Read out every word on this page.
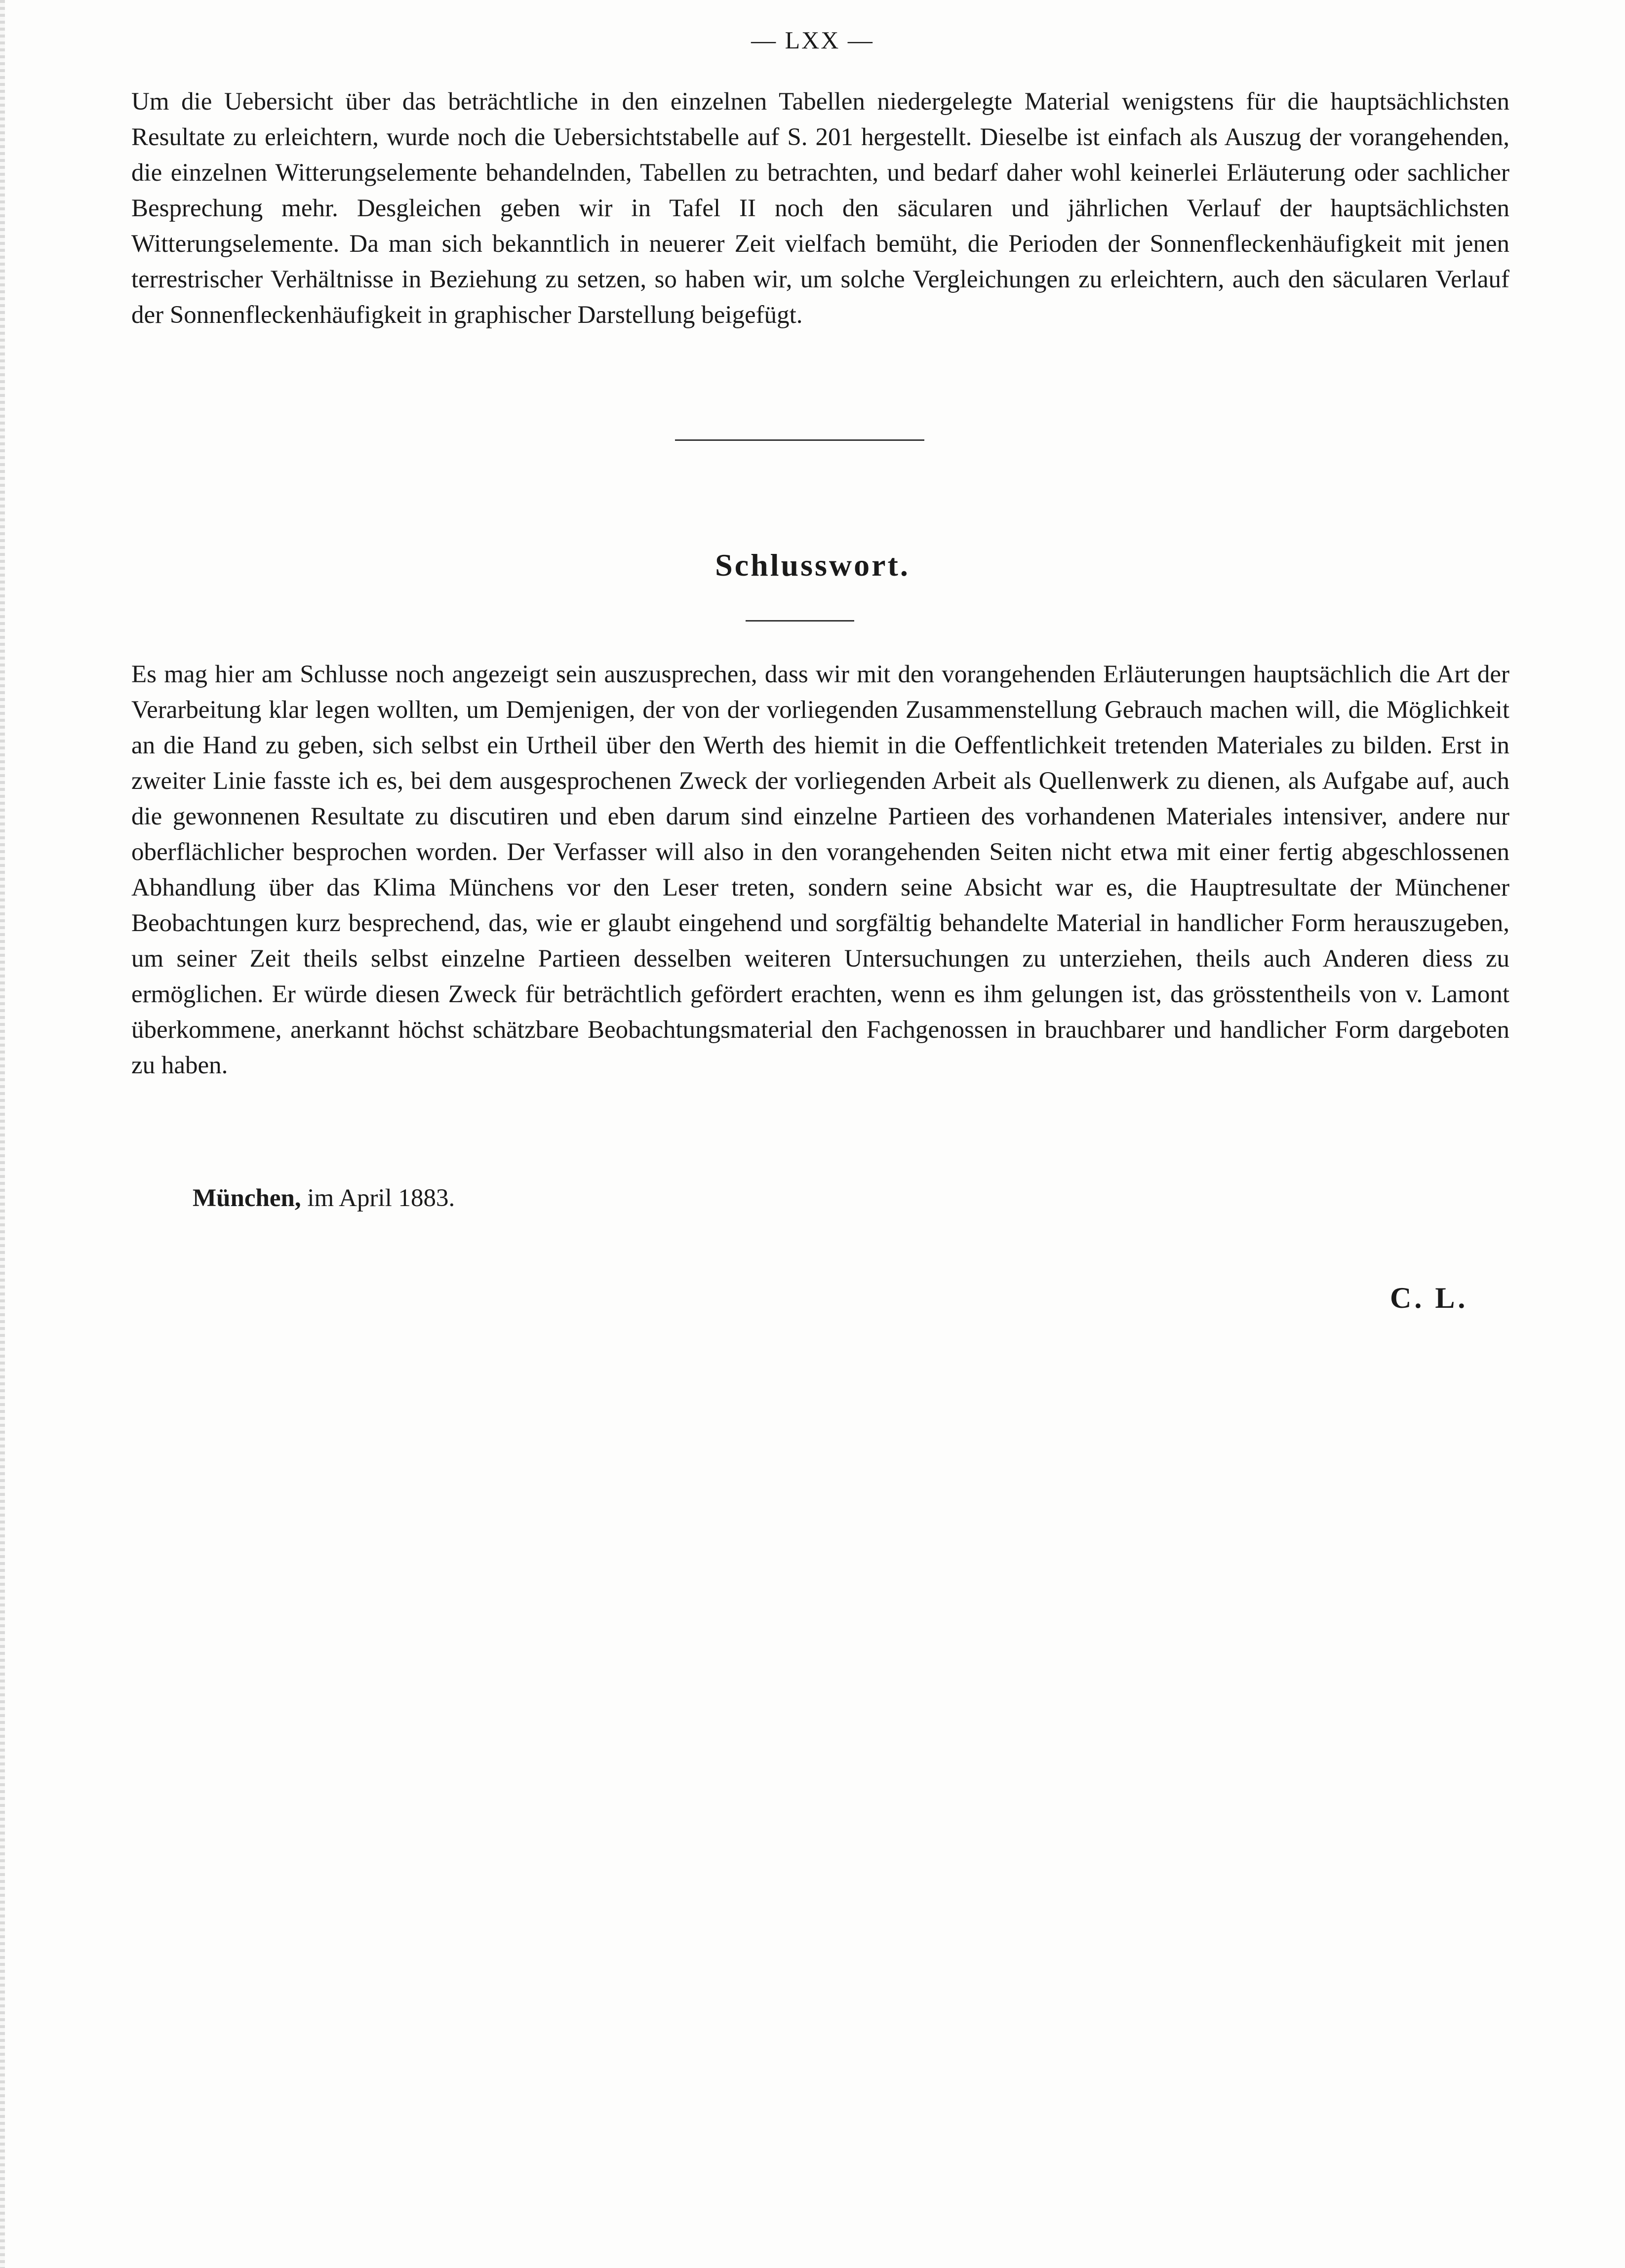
— LXX —

Um die Uebersicht über das beträchtliche in den einzelnen Tabellen niedergelegte Material wenigstens für die hauptsächlichsten Resultate zu erleichtern, wurde noch die Uebersichtstabelle auf S. 201 hergestellt. Dieselbe ist einfach als Auszug der vorangehenden, die einzelnen Witterungselemente behandelnden, Tabellen zu betrachten, und bedarf daher wohl keinerlei Erläuterung oder sachlicher Besprechung mehr. Desgleichen geben wir in Tafel II noch den säcularen und jährlichen Verlauf der hauptsächlichsten Witterungselemente. Da man sich bekanntlich in neuerer Zeit vielfach bemüht, die Perioden der Sonnenfleckenhäufigkeit mit jenen terrestrischer Verhältnisse in Beziehung zu setzen, so haben wir, um solche Vergleichungen zu erleichtern, auch den säcularen Verlauf der Sonnenfleckenhäufigkeit in graphischer Darstellung beigefügt.

Schlusswort.

Es mag hier am Schlusse noch angezeigt sein auszusprechen, dass wir mit den vorangehenden Erläuterungen hauptsächlich die Art der Verarbeitung klar legen wollten, um Demjenigen, der von der vorliegenden Zusammenstellung Gebrauch machen will, die Möglichkeit an die Hand zu geben, sich selbst ein Urtheil über den Werth des hiemit in die Oeffentlichkeit tretenden Materiales zu bilden. Erst in zweiter Linie fasste ich es, bei dem ausgesprochenen Zweck der vorliegenden Arbeit als Quellenwerk zu dienen, als Aufgabe auf, auch die gewonnenen Resultate zu discutiren und eben darum sind einzelne Partieen des vorhandenen Materiales intensiver, andere nur oberflächlicher besprochen worden. Der Verfasser will also in den vorangehenden Seiten nicht etwa mit einer fertig abgeschlossenen Abhandlung über das Klima Münchens vor den Leser treten, sondern seine Absicht war es, die Hauptresultate der Münchener Beobachtungen kurz besprechend, das, wie er glaubt eingehend und sorgfältig behandelte Material in handlicher Form herauszugeben, um seiner Zeit theils selbst einzelne Partieen desselben weiteren Untersuchungen zu unterziehen, theils auch Anderen diess zu ermöglichen. Er würde diesen Zweck für beträchtlich gefördert erachten, wenn es ihm gelungen ist, das grösstentheils von v. Lamont überkommene, anerkannt höchst schätzbare Beobachtungsmaterial den Fachgenossen in brauchbarer und handlicher Form dargeboten zu haben.

München, im April 1883.

C. L.
